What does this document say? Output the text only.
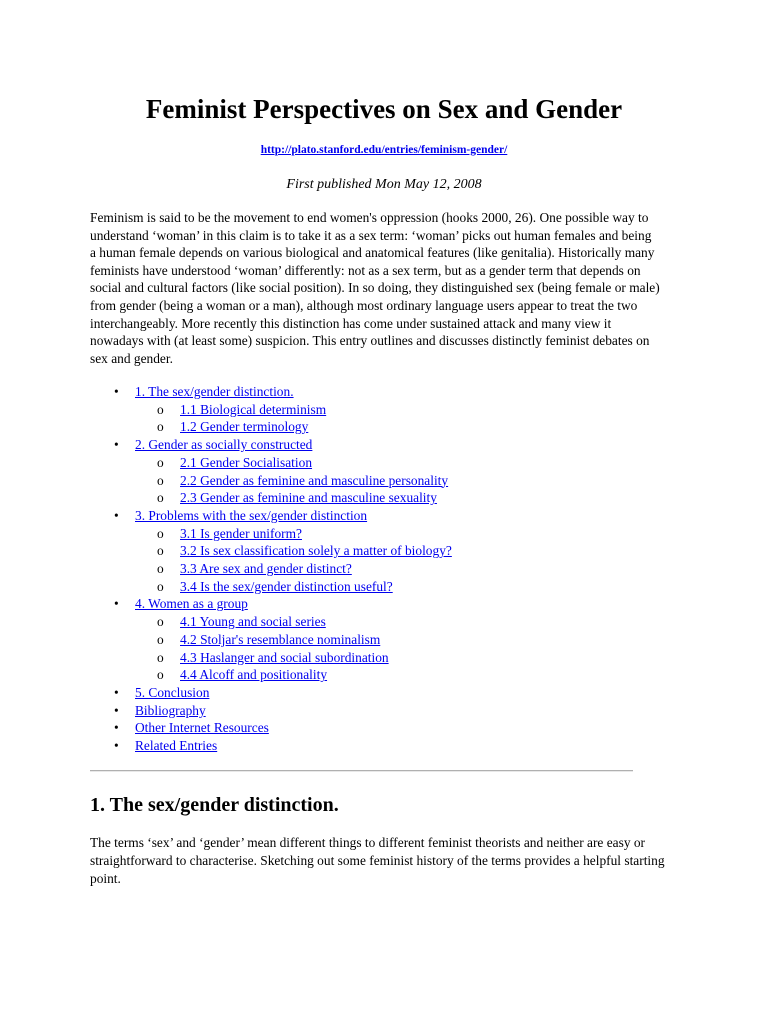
Feminist Perspectives on Sex and Gender
http://plato.stanford.edu/entries/feminism-gender/
First published Mon May 12, 2008

Feminism is said to be the movement to end women's oppression (hooks 2000, 26). One possible way to understand ‘woman’ in this claim is to take it as a sex term: ‘woman’ picks out human females and being a human female depends on various biological and anatomical features (like genitalia). Historically many feminists have understood ‘woman’ differently: not as a sex term, but as a gender term that depends on social and cultural factors (like social position). In so doing, they distinguished sex (being female or male) from gender (being a woman or a man), although most ordinary language users appear to treat the two interchangeably. More recently this distinction has come under sustained attack and many view it nowadays with (at least some) suspicion. This entry outlines and discusses distinctly feminist debates on sex and gender.

• 1. The sex/gender distinction.
o 1.1 Biological determinism
o 1.2 Gender terminology
• 2. Gender as socially constructed
o 2.1 Gender Socialisation
o 2.2 Gender as feminine and masculine personality
o 2.3 Gender as feminine and masculine sexuality
• 3. Problems with the sex/gender distinction
o 3.1 Is gender uniform?
o 3.2 Is sex classification solely a matter of biology?
o 3.3 Are sex and gender distinct?
o 3.4 Is the sex/gender distinction useful?
• 4. Women as a group
o 4.1 Young and social series
o 4.2 Stoljar's resemblance nominalism
o 4.3 Haslanger and social subordination
o 4.4 Alcoff and positionality
• 5. Conclusion
• Bibliography
• Other Internet Resources
• Related Entries
1. The sex/gender distinction.

The terms ‘sex’ and ‘gender’ mean different things to different feminist theorists and neither are easy or straightforward to characterise. Sketching out some feminist history of the terms provides a helpful starting point.
